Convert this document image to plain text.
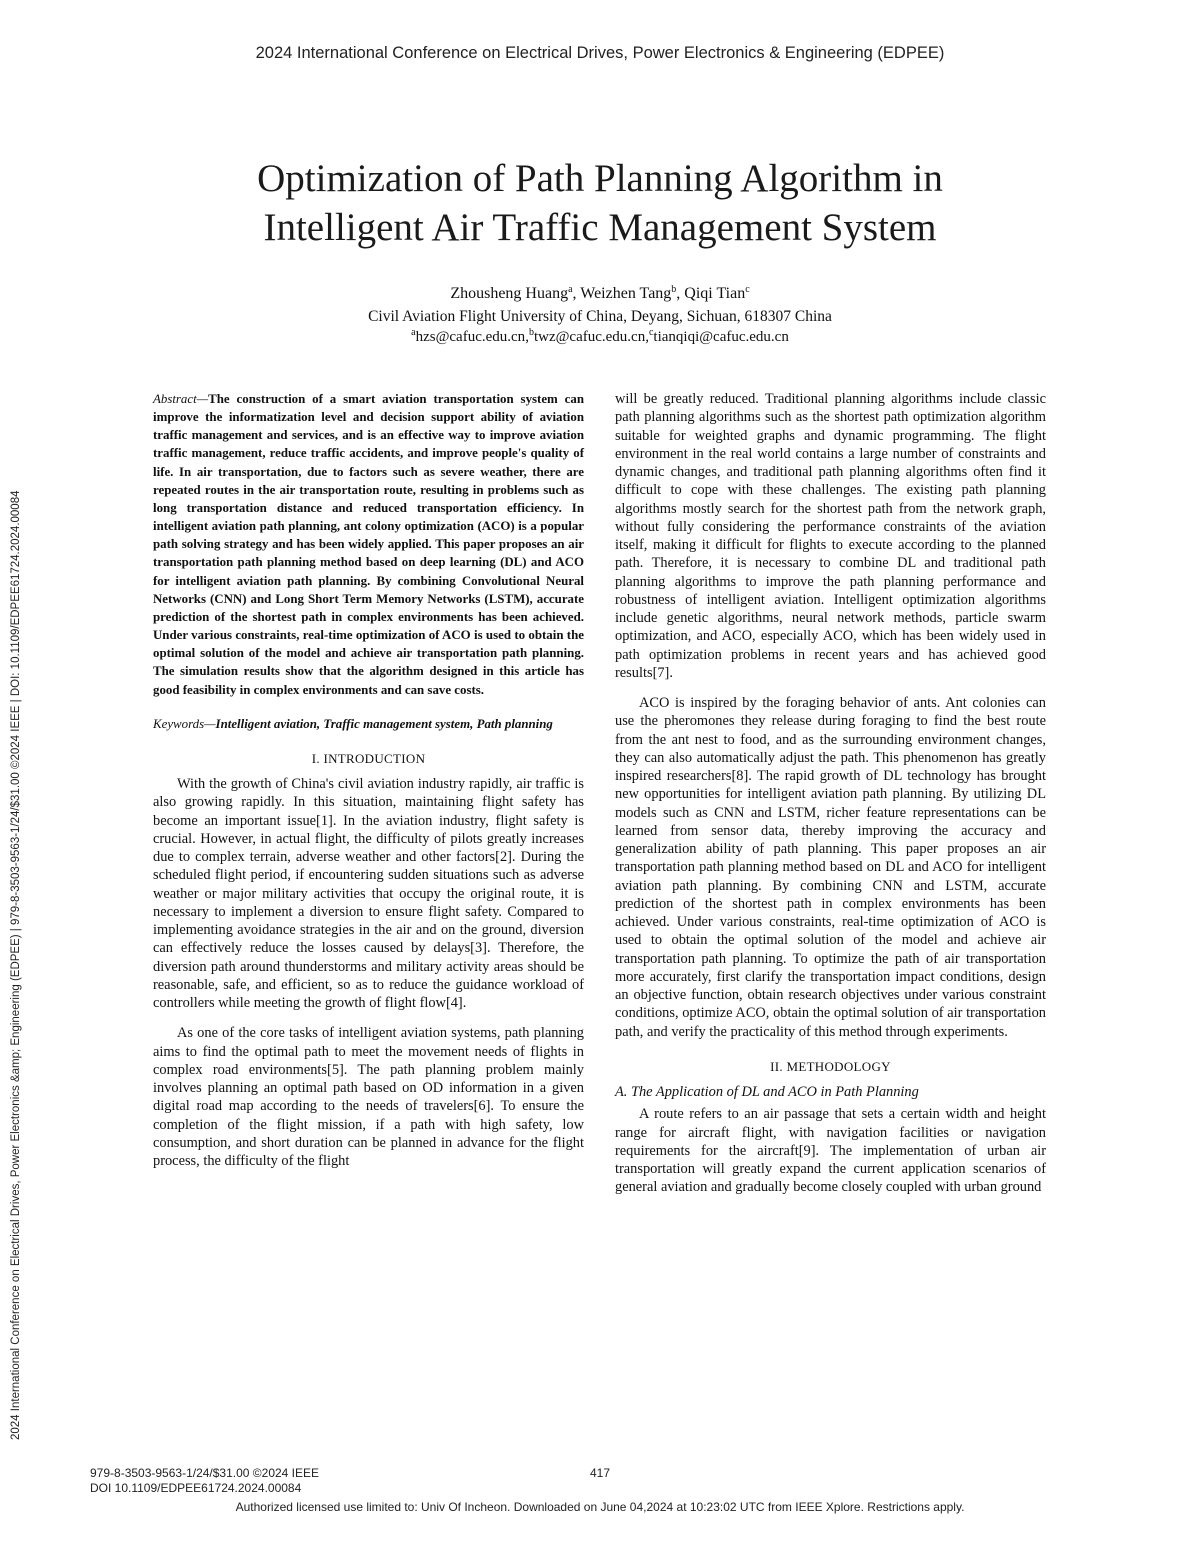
2024 International Conference on Electrical Drives, Power Electronics & Engineering (EDPEE)
2024 International Conference on Electrical Drives, Power Electronics &amp; Engineering (EDPEE) | 979-8-3503-9563-1/24/$31.00 ©2024 IEEE | DOI: 10.1109/EDPEE61724.2024.00084
Optimization of Path Planning Algorithm in
Intelligent Air Traffic Management System
Zhousheng Huang$^a$, Weizhen Tang$^b$, Qiqi Tian$^c$
Civil Aviation Flight University of China, Deyang, Sichuan, 618307 China
$^a$hzs@cafuc.edu.cn,$^b$twz@cafuc.edu.cn,$^c$tianqiqi@cafuc.edu.cn

Abstract—The construction of a smart aviation transportation system can improve the informatization level and decision support ability of aviation traffic management and services, and is an effective way to improve aviation traffic management, reduce traffic accidents, and improve people's quality of life. In air transportation, due to factors such as severe weather, there are repeated routes in the air transportation route, resulting in problems such as long transportation distance and reduced transportation efficiency. In intelligent aviation path planning, ant colony optimization (ACO) is a popular path solving strategy and has been widely applied. This paper proposes an air transportation path planning method based on deep learning (DL) and ACO for intelligent aviation path planning. By combining Convolutional Neural Networks (CNN) and Long Short Term Memory Networks (LSTM), accurate prediction of the shortest path in complex environments has been achieved. Under various constraints, real-time optimization of ACO is used to obtain the optimal solution of the model and achieve air transportation path planning. The simulation results show that the algorithm designed in this article has good feasibility in complex environments and can save costs.

Keywords—Intelligent aviation, Traffic management system, Path planning

I. INTRODUCTION

With the growth of China's civil aviation industry rapidly, air traffic is also growing rapidly. In this situation, maintaining flight safety has become an important issue[1]. In the aviation industry, flight safety is crucial. However, in actual flight, the difficulty of pilots greatly increases due to complex terrain, adverse weather and other factors[2]. During the scheduled flight period, if encountering sudden situations such as adverse weather or major military activities that occupy the original route, it is necessary to implement a diversion to ensure flight safety. Compared to implementing avoidance strategies in the air and on the ground, diversion can effectively reduce the losses caused by delays[3]. Therefore, the diversion path around thunderstorms and military activity areas should be reasonable, safe, and efficient, so as to reduce the guidance workload of controllers while meeting the growth of flight flow[4].

As one of the core tasks of intelligent aviation systems, path planning aims to find the optimal path to meet the movement needs of flights in complex road environments[5]. The path planning problem mainly involves planning an optimal path based on OD information in a given digital road map according to the needs of travelers[6]. To ensure the completion of the flight mission, if a path with high safety, low consumption, and short duration can be planned in advance for the flight process, the difficulty of the flight

will be greatly reduced. Traditional planning algorithms include classic path planning algorithms such as the shortest path optimization algorithm suitable for weighted graphs and dynamic programming. The flight environment in the real world contains a large number of constraints and dynamic changes, and traditional path planning algorithms often find it difficult to cope with these challenges. The existing path planning algorithms mostly search for the shortest path from the network graph, without fully considering the performance constraints of the aviation itself, making it difficult for flights to execute according to the planned path. Therefore, it is necessary to combine DL and traditional path planning algorithms to improve the path planning performance and robustness of intelligent aviation. Intelligent optimization algorithms include genetic algorithms, neural network methods, particle swarm optimization, and ACO, especially ACO, which has been widely used in path optimization problems in recent years and has achieved good results[7].

ACO is inspired by the foraging behavior of ants. Ant colonies can use the pheromones they release during foraging to find the best route from the ant nest to food, and as the surrounding environment changes, they can also automatically adjust the path. This phenomenon has greatly inspired researchers[8]. The rapid growth of DL technology has brought new opportunities for intelligent aviation path planning. By utilizing DL models such as CNN and LSTM, richer feature representations can be learned from sensor data, thereby improving the accuracy and generalization ability of path planning. This paper proposes an air transportation path planning method based on DL and ACO for intelligent aviation path planning. By combining CNN and LSTM, accurate prediction of the shortest path in complex environments has been achieved. Under various constraints, real-time optimization of ACO is used to obtain the optimal solution of the model and achieve air transportation path planning. To optimize the path of air transportation more accurately, first clarify the transportation impact conditions, design an objective function, obtain research objectives under various constraint conditions, optimize ACO, obtain the optimal solution of air transportation path, and verify the practicality of this method through experiments.

II. METHODOLOGY

A. The Application of DL and ACO in Path Planning

A route refers to an air passage that sets a certain width and height range for aircraft flight, with navigation facilities or navigation requirements for the aircraft[9]. The implementation of urban air transportation will greatly expand the current application scenarios of general aviation and gradually become closely coupled with urban ground

979-8-3503-9563-1/24/$31.00 ©2024 IEEE
DOI 10.1109/EDPEE61724.2024.00084
417
Authorized licensed use limited to: Univ Of Incheon. Downloaded on June 04,2024 at 10:23:02 UTC from IEEE Xplore. Restrictions apply.
